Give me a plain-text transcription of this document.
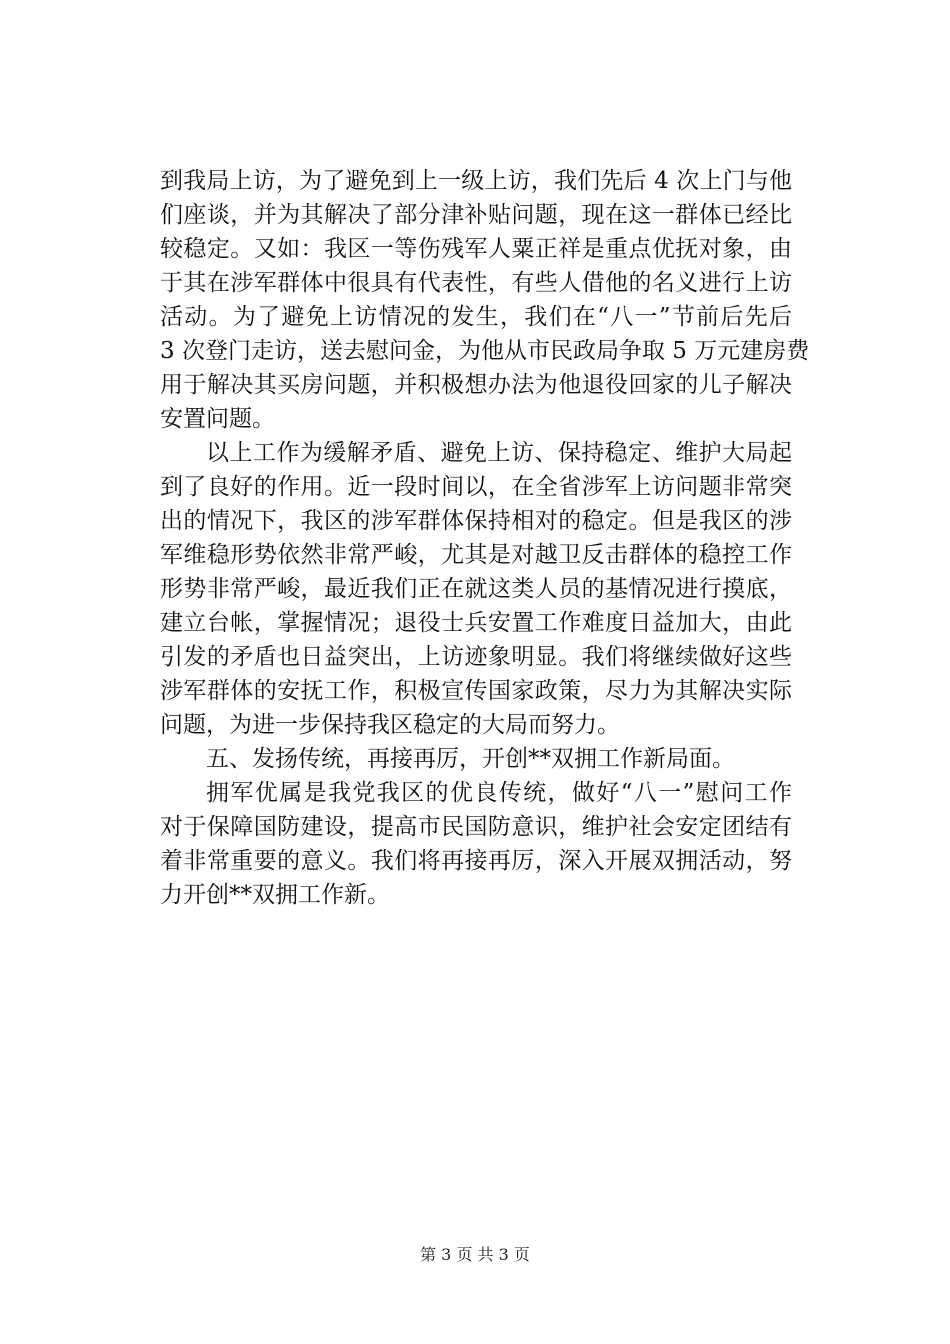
到我局上访，为了避免到上一级上访，我们先后 4 次上门与他
们座谈，并为其解决了部分津补贴问题，现在这一群体已经比
较稳定。又如：我区一等伤残军人粟正祥是重点优抚对象，由
于其在涉军群体中很具有代表性，有些人借他的名义进行上访
活动。为了避免上访情况的发生，我们在“八一”节前后先后
3 次登门走访，送去慰问金，为他从市民政局争取 5 万元建房费
用于解决其买房问题，并积极想办法为他退役回家的儿子解决
安置问题。
以上工作为缓解矛盾、避免上访、保持稳定、维护大局起
到了良好的作用。近一段时间以，在全省涉军上访问题非常突
出的情况下，我区的涉军群体保持相对的稳定。但是我区的涉
军维稳形势依然非常严峻，尤其是对越卫反击群体的稳控工作
形势非常严峻，最近我们正在就这类人员的基情况进行摸底，
建立台帐，掌握情况；退役士兵安置工作难度日益加大，由此
引发的矛盾也日益突出，上访迹象明显。我们将继续做好这些
涉军群体的安抚工作，积极宣传国家政策，尽力为其解决实际
问题，为进一步保持我区稳定的大局而努力。
五、发扬传统，再接再厉，开创**双拥工作新局面。
拥军优属是我党我区的优良传统，做好“八一”慰问工作
对于保障国防建设，提高市民国防意识，维护社会安定团结有
着非常重要的意义。我们将再接再厉，深入开展双拥活动，努
力开创**双拥工作新。
第 3 页 共 3 页
